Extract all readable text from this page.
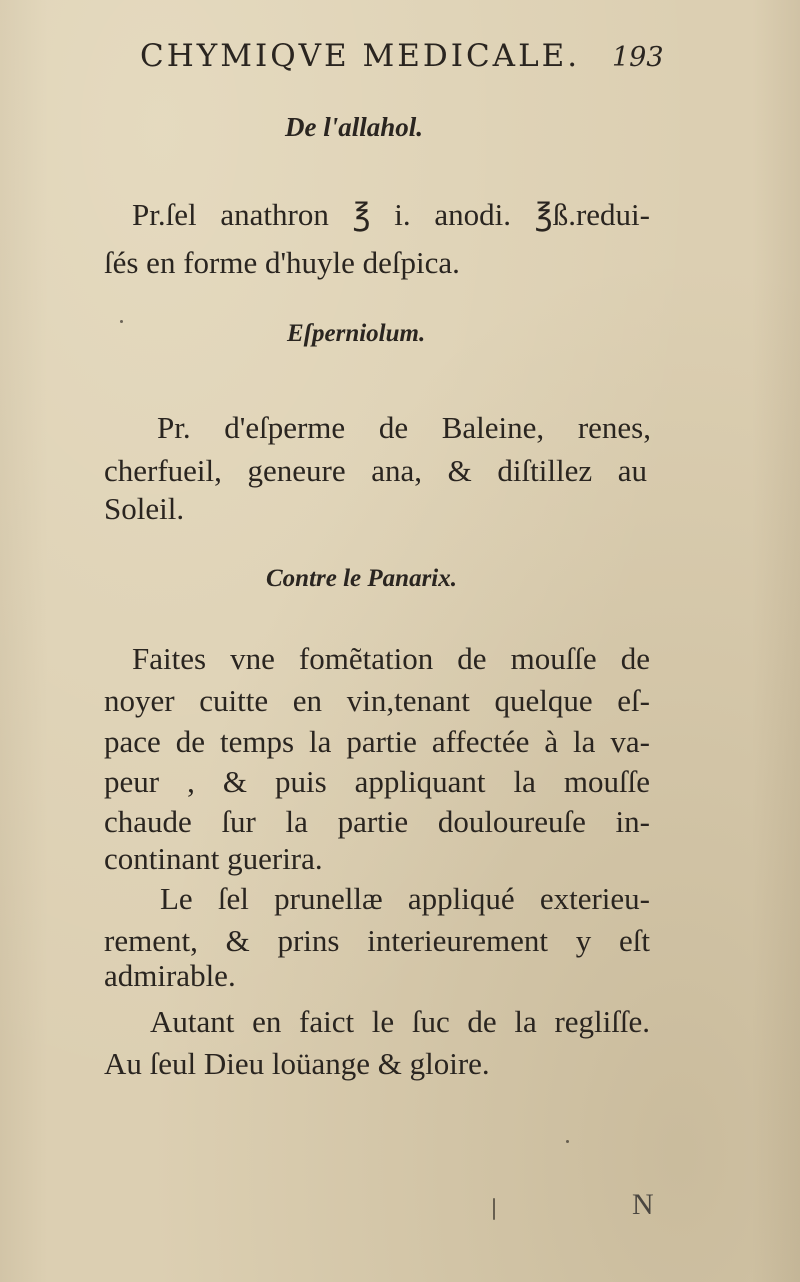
CHYMIQVE MEDICALE. 193
De l'allahol.
Pr.ſel anathron ℥ i. anodi. ℥ß.redui-
ſés en forme d'huyle deſpica.
Eſperniolum.
Pr. d'eſperme de Baleine, renes,
cherfueil, geneure ana, & diſtillez au
Soleil.
Contre le Panarix.
Faites vne fomẽtation de mouſſe de
noyer cuitte en vin,tenant quelque eſ-
pace de temps la partie affectée à la va-
peur , & puis appliquant la mouſſe
chaude ſur la partie douloureuſe in-
continant guerira.
Le ſel prunellæ appliqué exterieu-
rement, & prins interieurement y eſt
admirable.
Autant en faict le ſuc de la regliſſe.
Au ſeul Dieu loüange & gloire.
N
